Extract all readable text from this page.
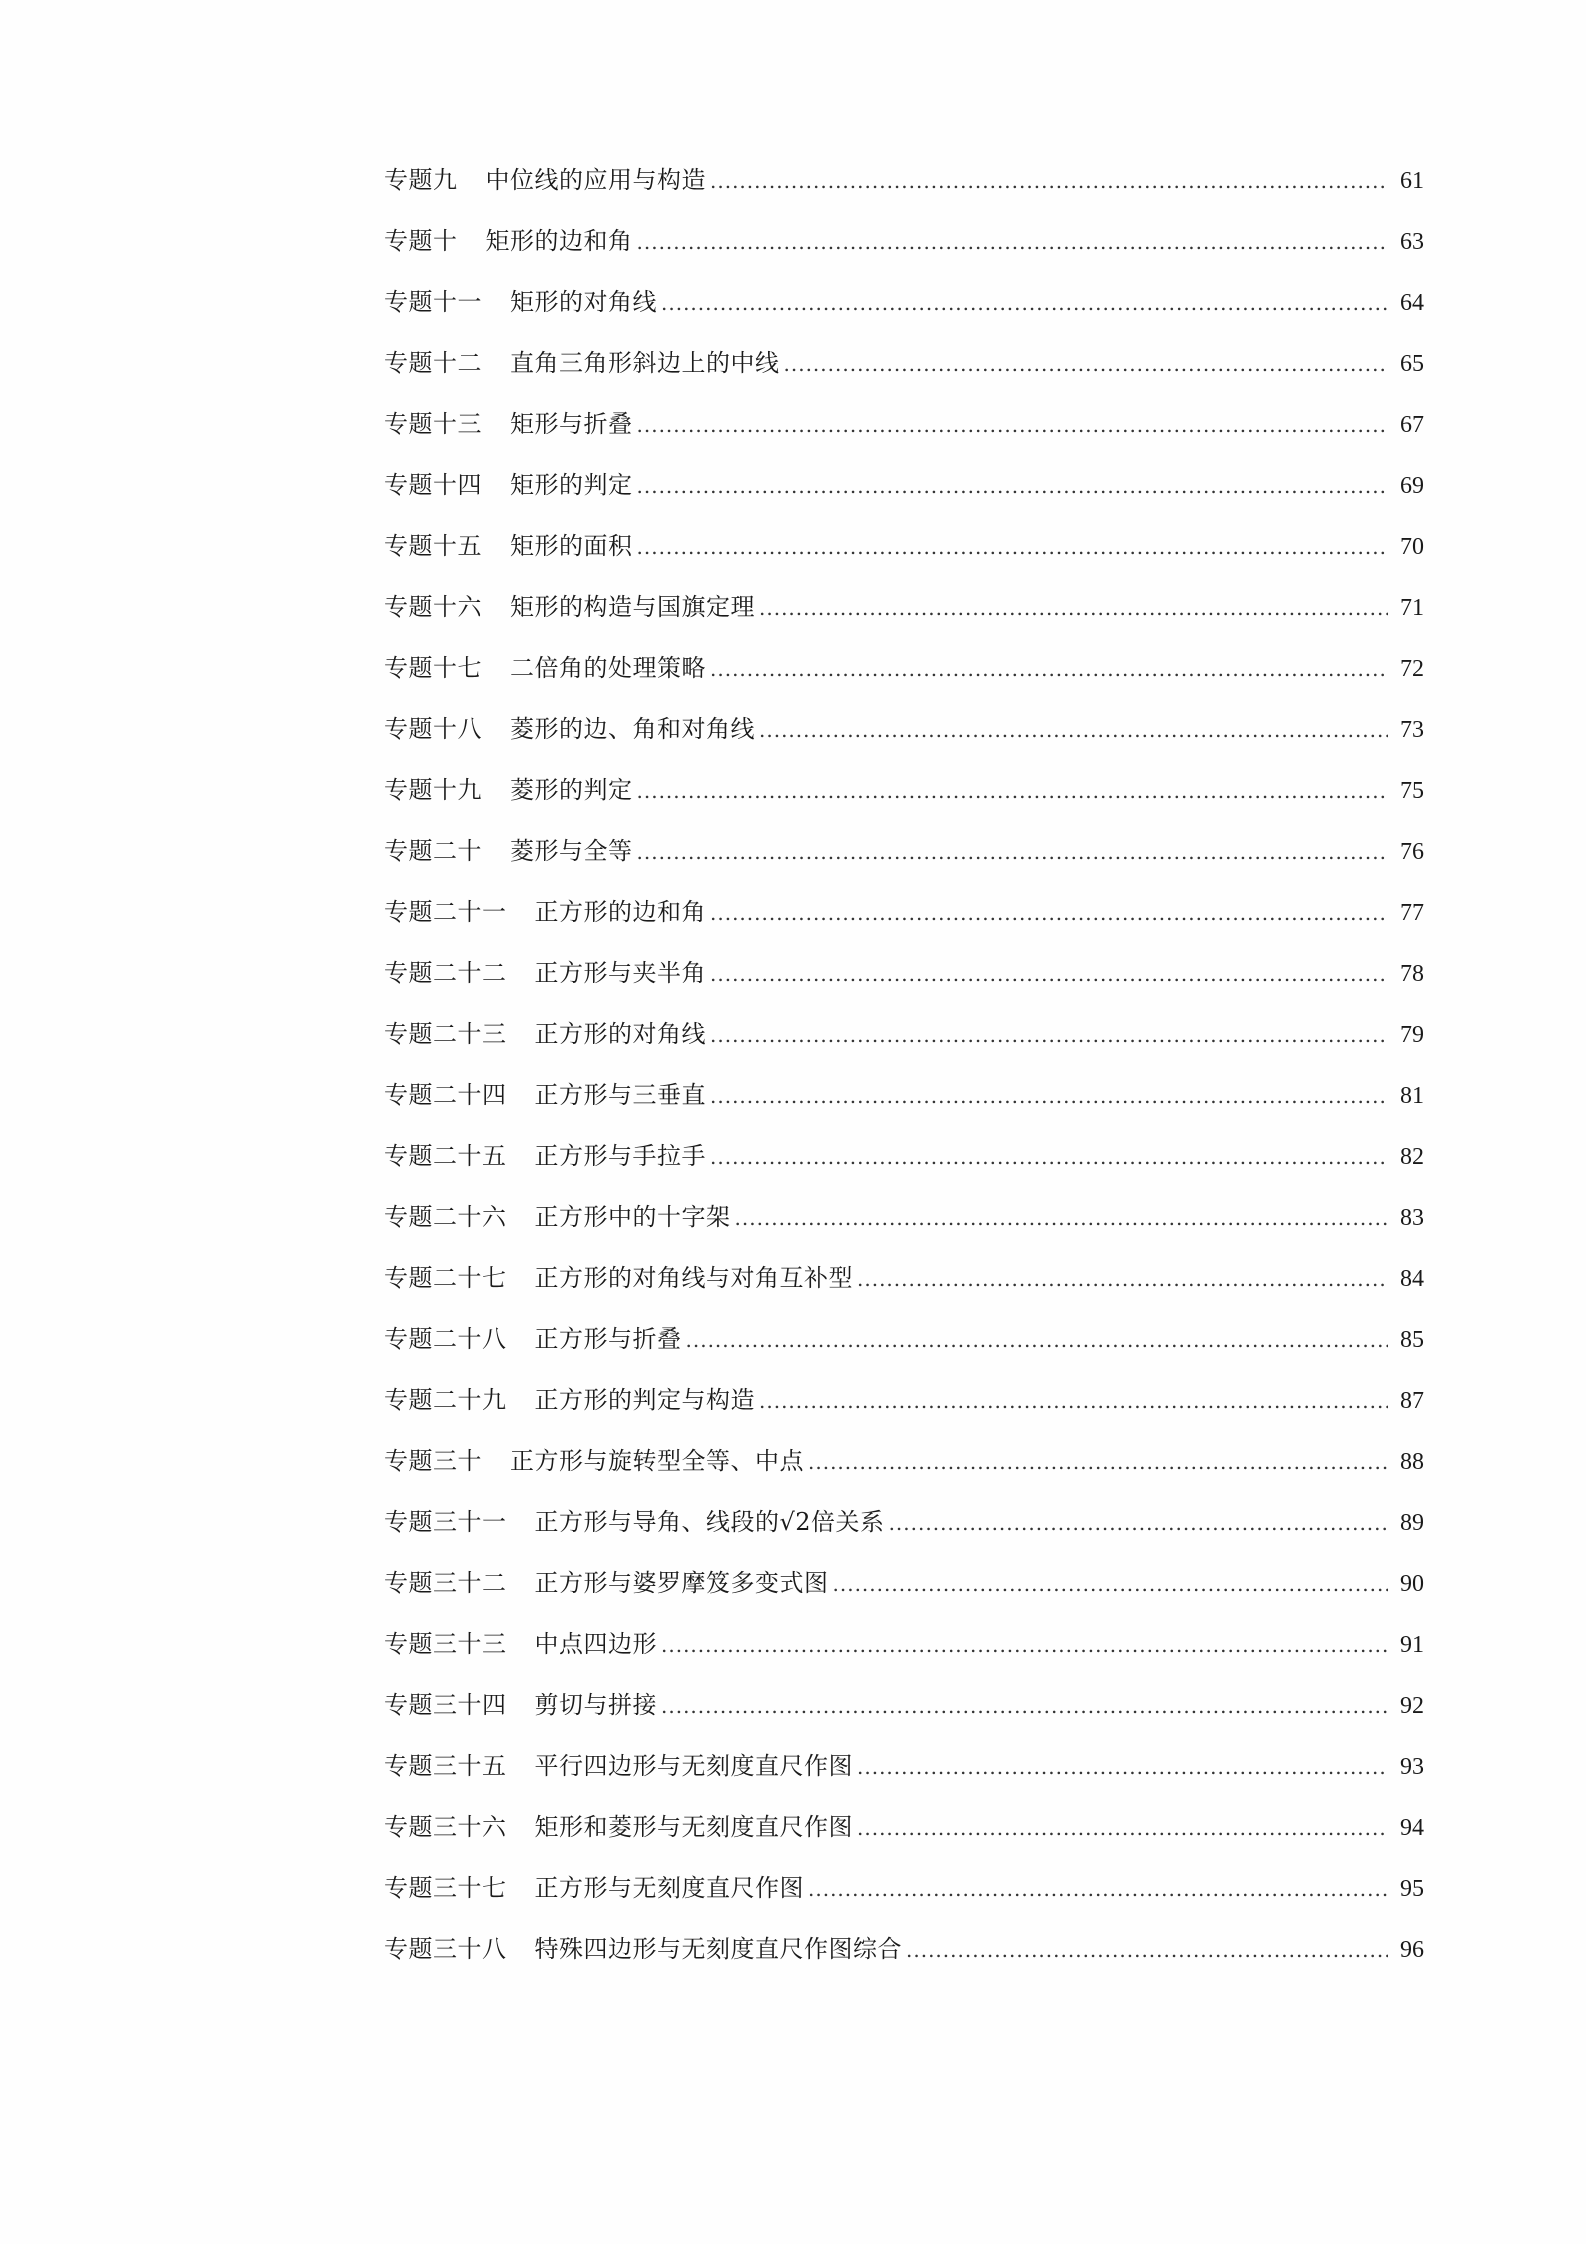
专题九 中位线的应用与构造 .....	61
专题十 矩形的边和角 .....	63
专题十一 矩形的对角线 .....	64
专题十二 直角三角形斜边上的中线 .....	65
专题十三 矩形与折叠 .....	67
专题十四 矩形的判定 .....	69
专题十五 矩形的面积 .....	70
专题十六 矩形的构造与国旗定理 .....	71
专题十七 二倍角的处理策略 .....	72
专题十八 菱形的边、角和对角线 .....	73
专题十九 菱形的判定 .....	75
专题二十 菱形与全等 .....	76
专题二十一 正方形的边和角 .....	77
专题二十二 正方形与夹半角 .....	78
专题二十三 正方形的对角线 .....	79
专题二十四 正方形与三垂直 .....	81
专题二十五 正方形与手拉手 .....	82
专题二十六 正方形中的十字架 .....	83
专题二十七 正方形的对角线与对角互补型 .....	84
专题二十八 正方形与折叠 .....	85
专题二十九 正方形的判定与构造 .....	87
专题三十 正方形与旋转型全等、中点 .....	88
专题三十一 正方形与导角、线段的√2倍关系 .....	89
专题三十二 正方形与婆罗摩笈多变式图 .....	90
专题三十三 中点四边形 .....	91
专题三十四 剪切与拼接 .....	92
专题三十五 平行四边形与无刻度直尺作图 .....	93
专题三十六 矩形和菱形与无刻度直尺作图 .....	94
专题三十七 正方形与无刻度直尺作图 .....	95
专题三十八 特殊四边形与无刻度直尺作图综合 .....	96
